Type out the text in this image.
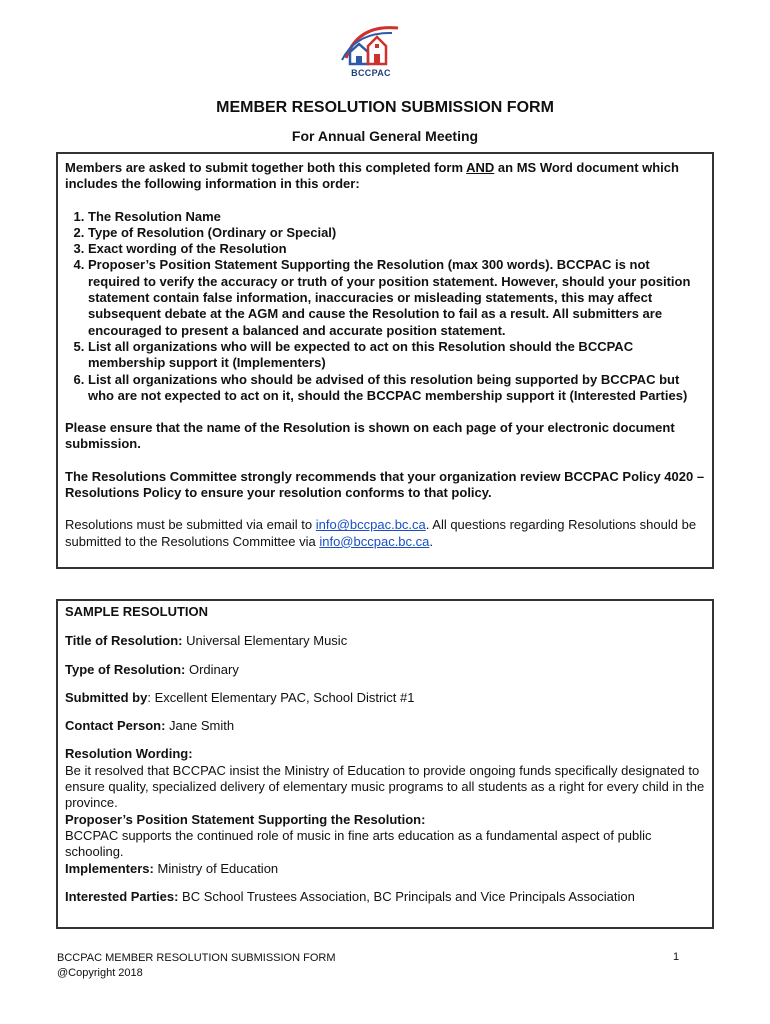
BCCPAC
MEMBER RESOLUTION SUBMISSION FORM
For Annual General Meeting

Members are asked to submit together both this completed form AND an MS Word document which includes the following information in this order:

1. The Resolution Name
2. Type of Resolution (Ordinary or Special)
3. Exact wording of the Resolution
4. Proposer’s Position Statement Supporting the Resolution (max 300 words). BCCPAC is not required to verify the accuracy or truth of your position statement. However, should your position statement contain false information, inaccuracies or misleading statements, this may affect subsequent debate at the AGM and cause the Resolution to fail as a result. All submitters are encouraged to present a balanced and accurate position statement.
5. List all organizations who will be expected to act on this Resolution should the BCCPAC membership support it (Implementers)
6. List all organizations who should be advised of this resolution being supported by BCCPAC but who are not expected to act on it, should the BCCPAC membership support it (Interested Parties)

Please ensure that the name of the Resolution is shown on each page of your electronic document submission.

The Resolutions Committee strongly recommends that your organization review BCCPAC Policy 4020 – Resolutions Policy to ensure your resolution conforms to that policy.

Resolutions must be submitted via email to info@bccpac.bc.ca. All questions regarding Resolutions should be submitted to the Resolutions Committee via info@bccpac.bc.ca.

SAMPLE RESOLUTION

Title of Resolution: Universal Elementary Music

Type of Resolution: Ordinary

Submitted by: Excellent Elementary PAC, School District #1

Contact Person: Jane Smith

Resolution Wording:

Be it resolved that BCCPAC insist the Ministry of Education to provide ongoing funds specifically designated to ensure quality, specialized delivery of elementary music programs to all students as a right for every child in the province.

Proposer’s Position Statement Supporting the Resolution:

BCCPAC supports the continued role of music in fine arts education as a fundamental aspect of public schooling.

Implementers: Ministry of Education

Interested Parties: BC School Trustees Association, BC Principals and Vice Principals Association

BCCPAC MEMBER RESOLUTION SUBMISSION FORM
@Copyright 2018
1
